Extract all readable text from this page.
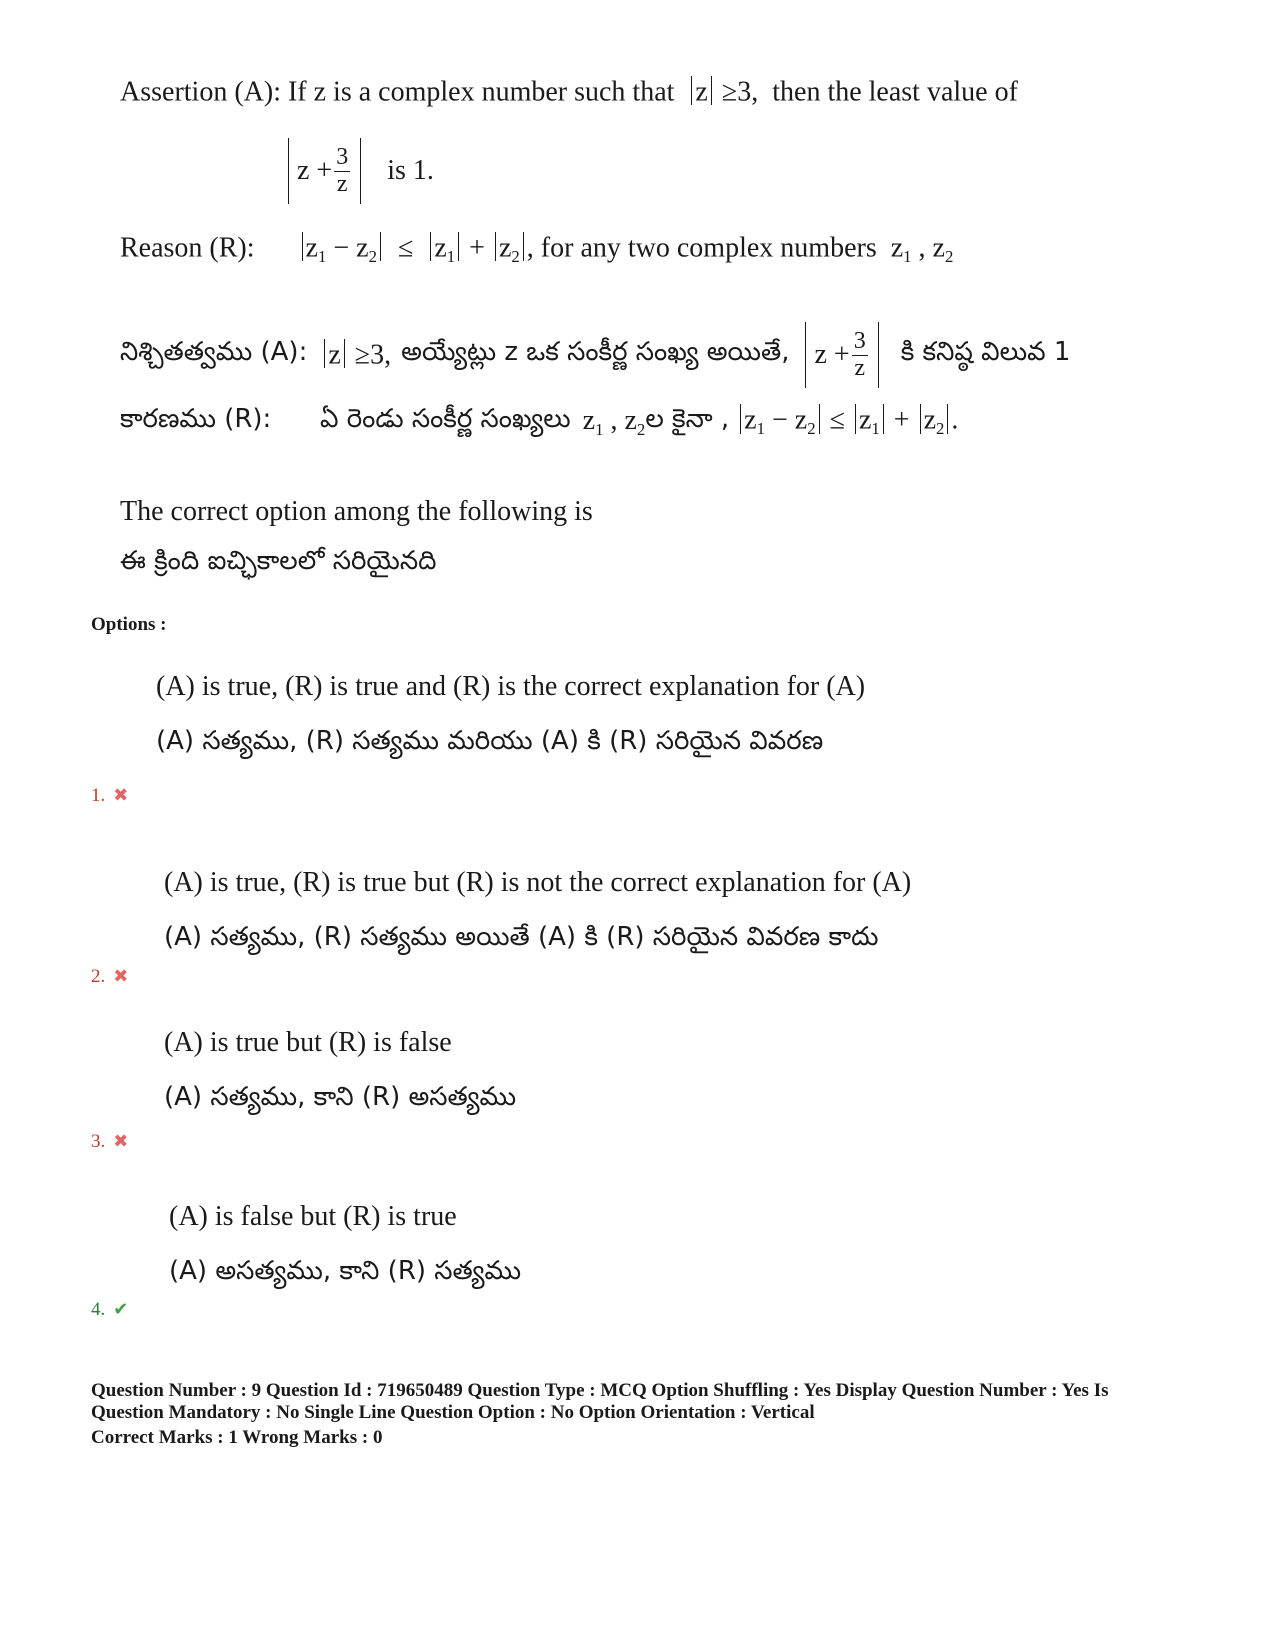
Assertion (A): If z is a complex number such that z ≥3, then the least value of
$z + \frac{3}{z}$ is 1.
Reason (R): $z_1 - z_2 \le z_1 + z_2$ , for any two complex numbers  $z_1$ , $z_2$
నిశ్చితత్వము (A): z ≥3, అయ్యేట్లు z ఒక సంకీర్ణ సంఖ్య అయితే, $z + \frac{3}{z}$ కి కనిష్ఠ విలువ 1
కారణము (R):	ఏ రెండు సంకీర్ణ సంఖ్యలు $z_1$ , $z_2$ ల కైనా , $z_1 - z_2 \le z_1 + z_2$ .
The correct option among the following is
ఈ క్రింది ఐచ్ఛికాలలో సరియైనది
Options :
(A) is true, (R) is true and (R) is the correct explanation for (A)
(A) సత్యము, (R) సత్యము మరియు (A) కి (R) సరియైన వివరణ
1. ✖
(A) is true, (R) is true but (R) is not the correct explanation for (A)
(A) సత్యము, (R) సత్యము అయితే (A) కి (R) సరియైన వివరణ కాదు
2. ✖
(A) is true but (R) is false
(A) సత్యము, కాని (R) అసత్యము
3. ✖
(A) is false but (R) is true
(A) అసత్యము, కాని (R) సత్యము
4. ✔
Question Number : 9 Question Id : 719650489 Question Type : MCQ Option Shuffling : Yes Display Question Number : Yes Is
Question Mandatory : No Single Line Question Option : No Option Orientation : Vertical
Correct Marks : 1 Wrong Marks : 0
